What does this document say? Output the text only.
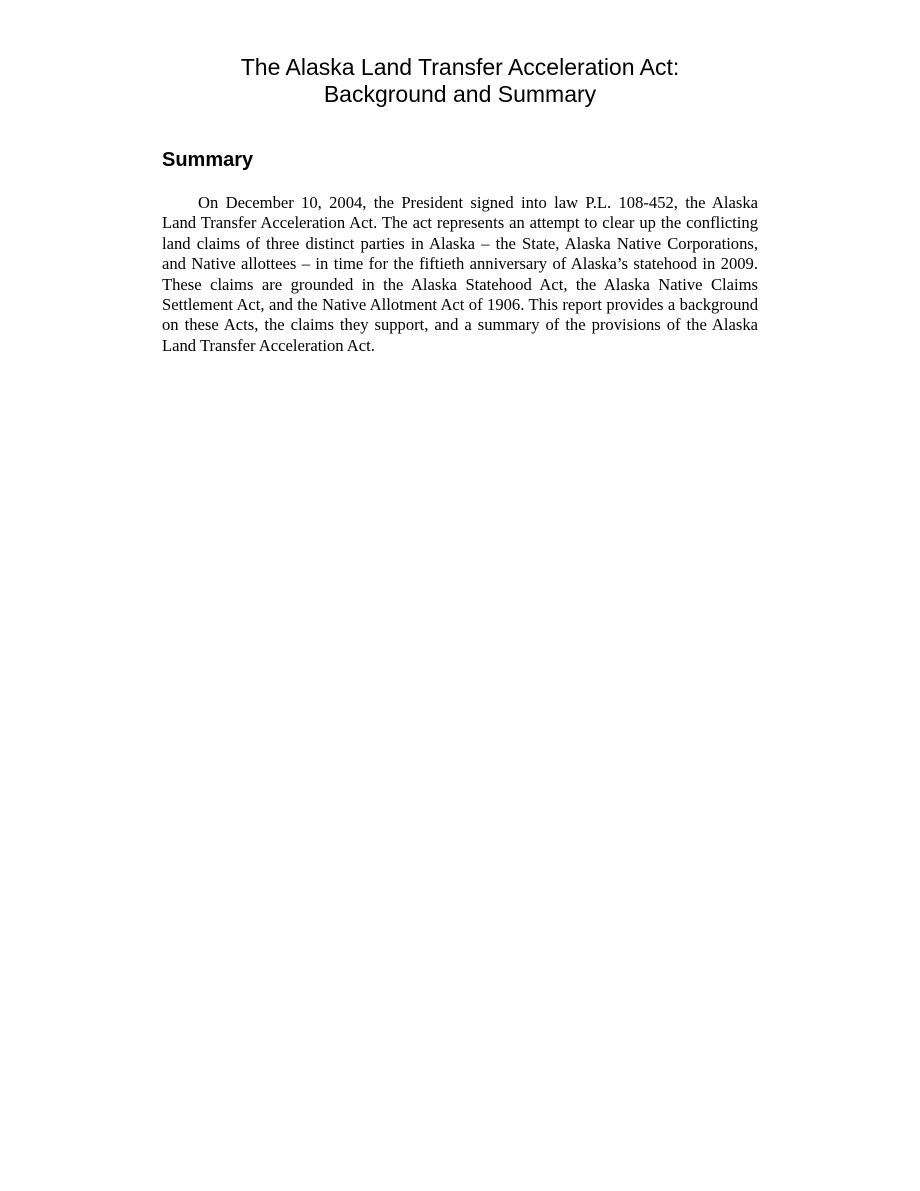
The Alaska Land Transfer Acceleration Act:
Background and Summary
Summary

On December 10, 2004, the President signed into law P.L. 108-452, the Alaska Land Transfer Acceleration Act. The act represents an attempt to clear up the conflicting land claims of three distinct parties in Alaska – the State, Alaska Native Corporations, and Native allottees – in time for the fiftieth anniversary of Alaska’s statehood in 2009. These claims are grounded in the Alaska Statehood Act, the Alaska Native Claims Settlement Act, and the Native Allotment Act of 1906. This report provides a background on these Acts, the claims they support, and a summary of the provisions of the Alaska Land Transfer Acceleration Act.
